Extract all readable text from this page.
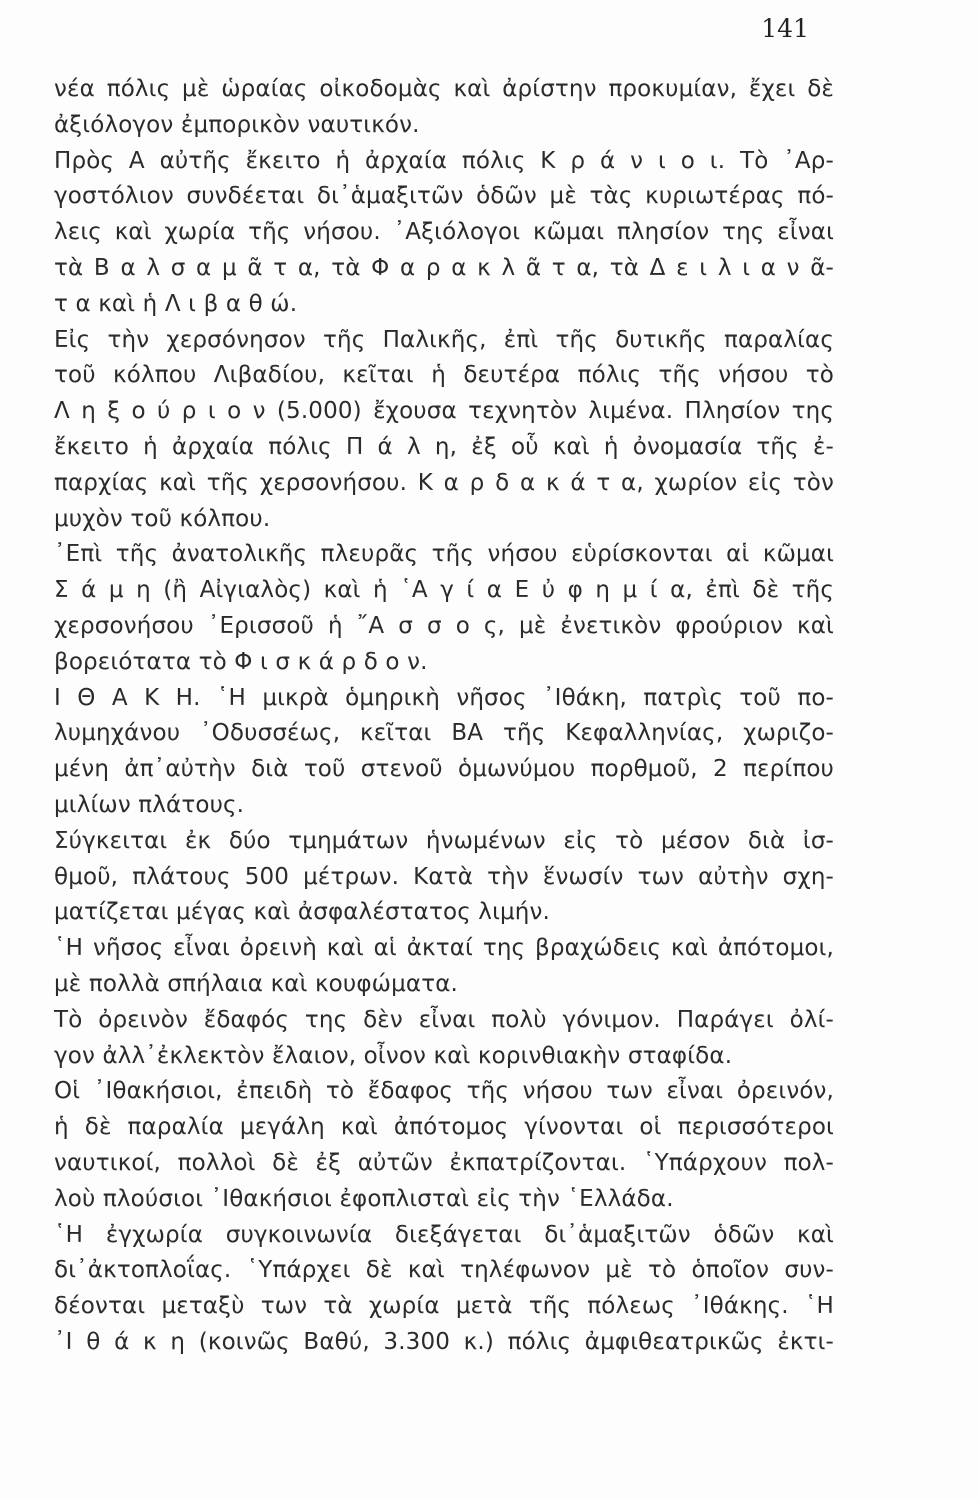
141
νέα πόλις μὲ ὡραίας οἰκοδομὰς καὶ ἀρίστην προκυμίαν, ἔχει δὲ
ἀξιόλογον ἐμπορικὸν ναυτικόν.
Πρὸς Α αὐτῆς ἔκειτο ἡ ἀρχαία πόλις Κ ρ ά ν ι ο ι. Τὸ ᾿Αρ-
γοστόλιον συνδέεται δι᾿ἁμαξιτῶν ὁδῶν μὲ τὰς κυριωτέρας πό-
λεις καὶ χωρία τῆς νήσου. ᾿Αξιόλογοι κῶμαι πλησίον της εἶναι
τὰ Β α λ σ α μ ᾶ τ α, τὰ Φ α ρ α κ λ ᾶ τ α, τὰ Δ ε ι λ ι α ν ᾶ-
τ α καὶ ἡ Λ ι β α θ ώ.
Εἰς τὴν χερσόνησον τῆς Παλικῆς, ἐπὶ τῆς δυτικῆς παραλίας
τοῦ κόλπου Λιβαδίου, κεῖται ἡ δευτέρα πόλις τῆς νήσου τὸ
Λ η ξ ο ύ ρ ι ο ν (5.000) ἔχουσα τεχνητὸν λιμένα. Πλησίον της
ἔκειτο ἡ ἀρχαία πόλις Π ά λ η, ἐξ οὗ καὶ ἡ ὀνομασία τῆς ἐ-
παρχίας καὶ τῆς χερσονήσου. Κ α ρ δ α κ ά τ α, χωρίον εἰς τὸν
μυχὸν τοῦ κόλπου.
᾿Επὶ τῆς ἀνατολικῆς πλευρᾶς τῆς νήσου εὑρίσκονται αἱ κῶμαι
Σ ά μ η (ἢ Αἰγιαλὸς) καὶ ἡ ῾Α γ ί α Ε ὐ φ η μ ί α, ἐπὶ δὲ τῆς
χερσονήσου ᾿Ερισσοῦ ἡ ῎Α σ σ ο ς, μὲ ἐνετικὸν φρούριον καὶ
βορειότατα τὸ Φ ι σ κ ά ρ δ ο ν.
Ι Θ Α Κ Η. ῾Η μικρὰ ὁμηρικὴ νῆσος ᾿Ιθάκη, πατρὶς τοῦ πο-
λυμηχάνου ᾿Οδυσσέως, κεῖται ΒΑ τῆς Κεφαλληνίας, χωριζο-
μένη ἀπ᾿αὐτὴν διὰ τοῦ στενοῦ ὁμωνύμου πορθμοῦ, 2 περίπου
μιλίων πλάτους.
Σύγκειται ἐκ δύο τμημάτων ἡνωμένων εἰς τὸ μέσον διὰ ἰσ-
θμοῦ, πλάτους 500 μέτρων. Κατὰ τὴν ἕνωσίν των αὐτὴν σχη-
ματίζεται μέγας καὶ ἀσφαλέστατος λιμήν.
῾Η νῆσος εἶναι ὀρεινὴ καὶ αἱ ἀκταί της βραχώδεις καὶ ἀπότομοι,
μὲ πολλὰ σπήλαια καὶ κουφώματα.
Τὸ ὀρεινὸν ἔδαφός της δὲν εἶναι πολὺ γόνιμον. Παράγει ὀλί-
γον ἀλλ᾿ἐκλεκτὸν ἔλαιον, οἶνον καὶ κορινθιακὴν σταφίδα.
Οἱ ᾿Ιθακήσιοι, ἐπειδὴ τὸ ἔδαφος τῆς νήσου των εἶναι ὀρεινόν,
ἡ δὲ παραλία μεγάλη καὶ ἀπότομος γίνονται οἱ περισσότεροι
ναυτικοί, πολλοὶ δὲ ἐξ αὐτῶν ἐκπατρίζονται. ῾Υπάρχουν πολ-
λοὺ πλούσιοι ᾿Ιθακήσιοι ἐφοπλισταὶ εἰς τὴν ῾Ελλάδα.
῾Η ἐγχωρία συγκοινωνία διεξάγεται δι᾿ἁμαξιτῶν ὁδῶν καὶ
δι᾿ἀκτοπλοΐας. ῾Υπάρχει δὲ καὶ τηλέφωνον μὲ τὸ ὁποῖον συν-
δέονται μεταξὺ των τὰ χωρία μετὰ τῆς πόλεως ᾿Ιθάκης. ῾Η
᾿Ι θ ά κ η (κοινῶς Βαθύ, 3.300 κ.) πόλις ἀμφιθεατρικῶς ἐκτι-
